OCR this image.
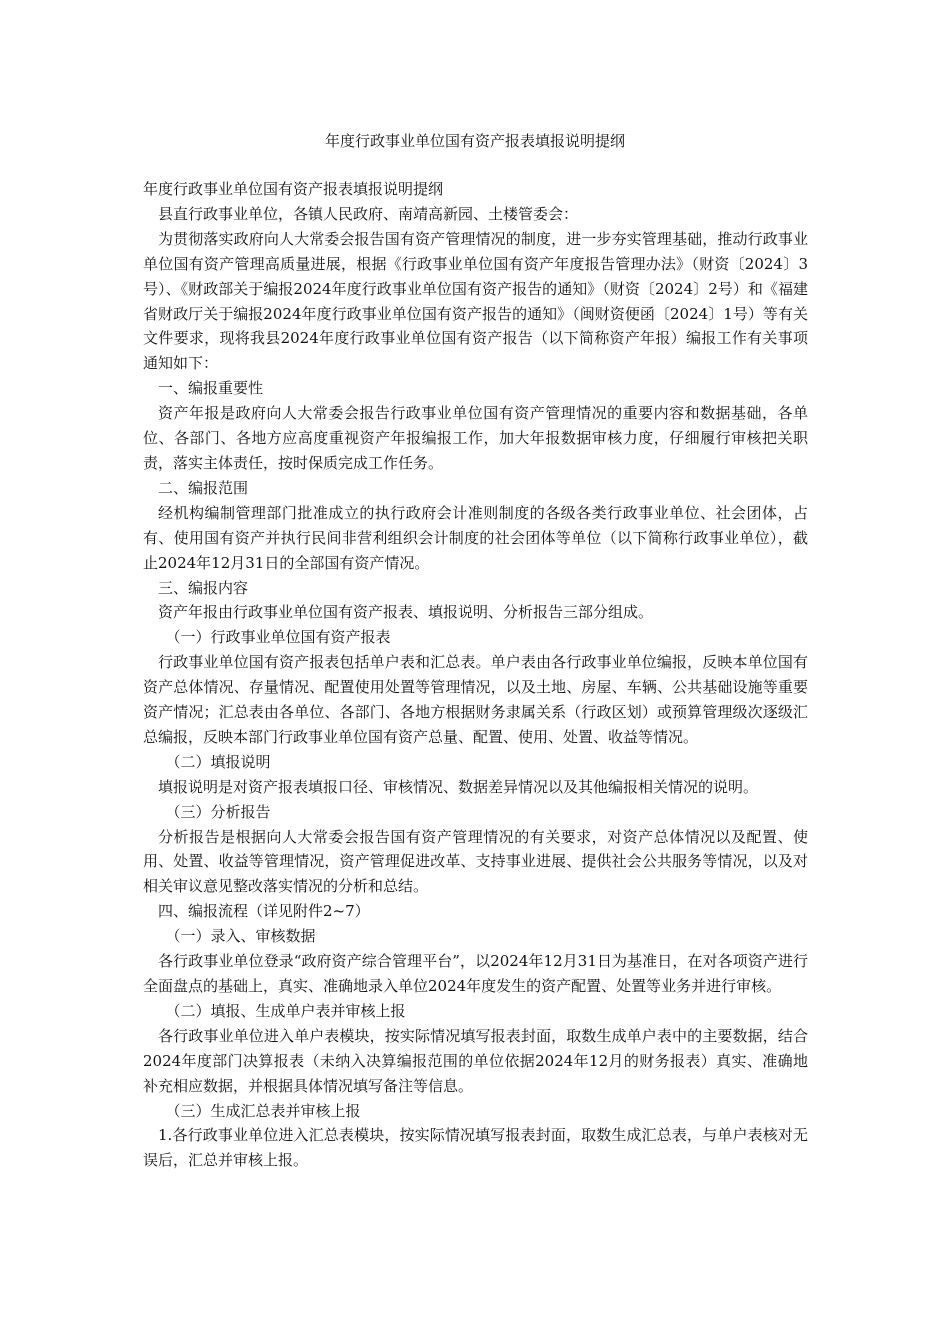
年度行政事业单位国有资产报表填报说明提纲

年度行政事业单位国有资产报表填报说明提纲

县直行政事业单位，各镇人民政府、南靖高新园、土楼管委会：

为贯彻落实政府向人大常委会报告国有资产管理情况的制度，进一步夯实管理基础，推动行政事业单位国有资产管理高质量进展，根据《行政事业单位国有资产年度报告管理办法》（财资〔2024〕3号）、《财政部关于编报2024年度行政事业单位国有资产报告的通知》（财资〔2024〕2号）和《福建省财政厅关于编报2024年度行政事业单位国有资产报告的通知》（闽财资便函〔2024〕1号）等有关文件要求，现将我县2024年度行政事业单位国有资产报告（以下简称资产年报）编报工作有关事项通知如下：

一、编报重要性

资产年报是政府向人大常委会报告行政事业单位国有资产管理情况的重要内容和数据基础，各单位、各部门、各地方应高度重视资产年报编报工作，加大年报数据审核力度，仔细履行审核把关职责，落实主体责任，按时保质完成工作任务。

二、编报范围

经机构编制管理部门批准成立的执行政府会计准则制度的各级各类行政事业单位、社会团体，占有、使用国有资产并执行民间非营利组织会计制度的社会团体等单位（以下简称行政事业单位），截止2024年12月31日的全部国有资产情况。

三、编报内容

资产年报由行政事业单位国有资产报表、填报说明、分析报告三部分组成。

（一）行政事业单位国有资产报表

行政事业单位国有资产报表包括单户表和汇总表。单户表由各行政事业单位编报，反映本单位国有资产总体情况、存量情况、配置使用处置等管理情况，以及土地、房屋、车辆、公共基础设施等重要资产情况；汇总表由各单位、各部门、各地方根据财务隶属关系（行政区划）或预算管理级次逐级汇总编报，反映本部门行政事业单位国有资产总量、配置、使用、处置、收益等情况。

（二）填报说明

填报说明是对资产报表填报口径、审核情况、数据差异情况以及其他编报相关情况的说明。

（三）分析报告

分析报告是根据向人大常委会报告国有资产管理情况的有关要求，对资产总体情况以及配置、使用、处置、收益等管理情况，资产管理促进改革、支持事业进展、提供社会公共服务等情况，以及对相关审议意见整改落实情况的分析和总结。

四、编报流程（详见附件2~7）

（一）录入、审核数据

各行政事业单位登录“政府资产综合管理平台”，以2024年12月31日为基准日，在对各项资产进行全面盘点的基础上，真实、准确地录入单位2024年度发生的资产配置、处置等业务并进行审核。

（二）填报、生成单户表并审核上报

各行政事业单位进入单户表模块，按实际情况填写报表封面，取数生成单户表中的主要数据，结合2024年度部门决算报表（未纳入决算编报范围的单位依据2024年12月的财务报表）真实、准确地补充相应数据，并根据具体情况填写备注等信息。

（三）生成汇总表并审核上报

1.各行政事业单位进入汇总表模块，按实际情况填写报表封面，取数生成汇总表，与单户表核对无误后，汇总并审核上报。
